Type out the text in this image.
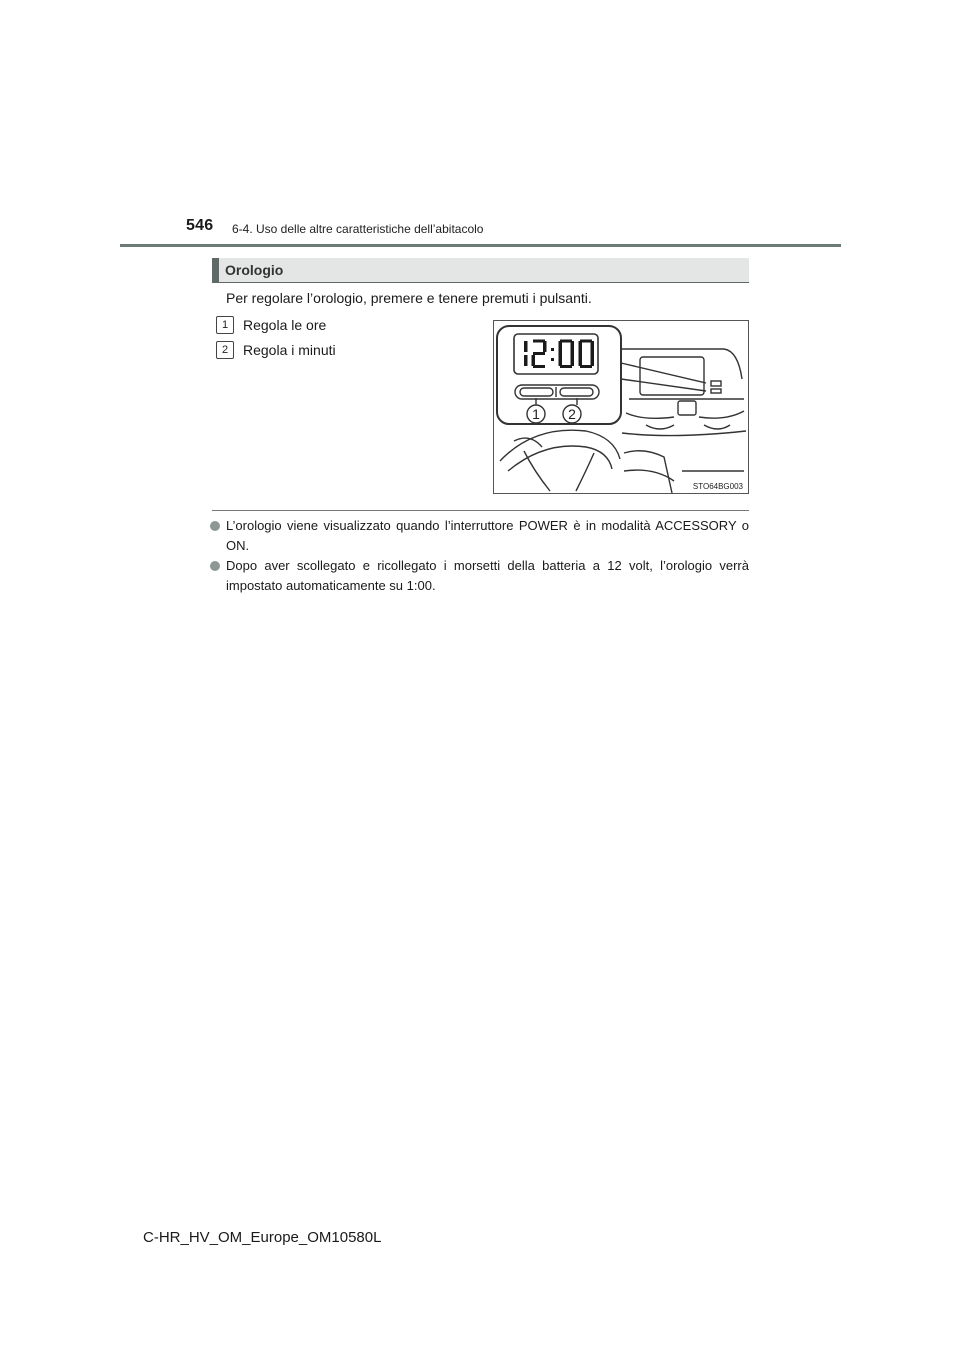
546 6-4. Uso delle altre caratteristiche dell’abitacolo
Orologio
Per regolare l’orologio, premere e tenere premuti i pulsanti.
1	Regola le ore
2	Regola i minuti
1 2
STO64BG003
L’orologio viene visualizzato quando l’interruttore POWER è in modalità ACCESSORY o ON.
Dopo aver scollegato e ricollegato i morsetti della batteria a 12 volt, l’orologio verrà impostato automaticamente su 1:00.
C-HR_HV_OM_Europe_OM10580L
